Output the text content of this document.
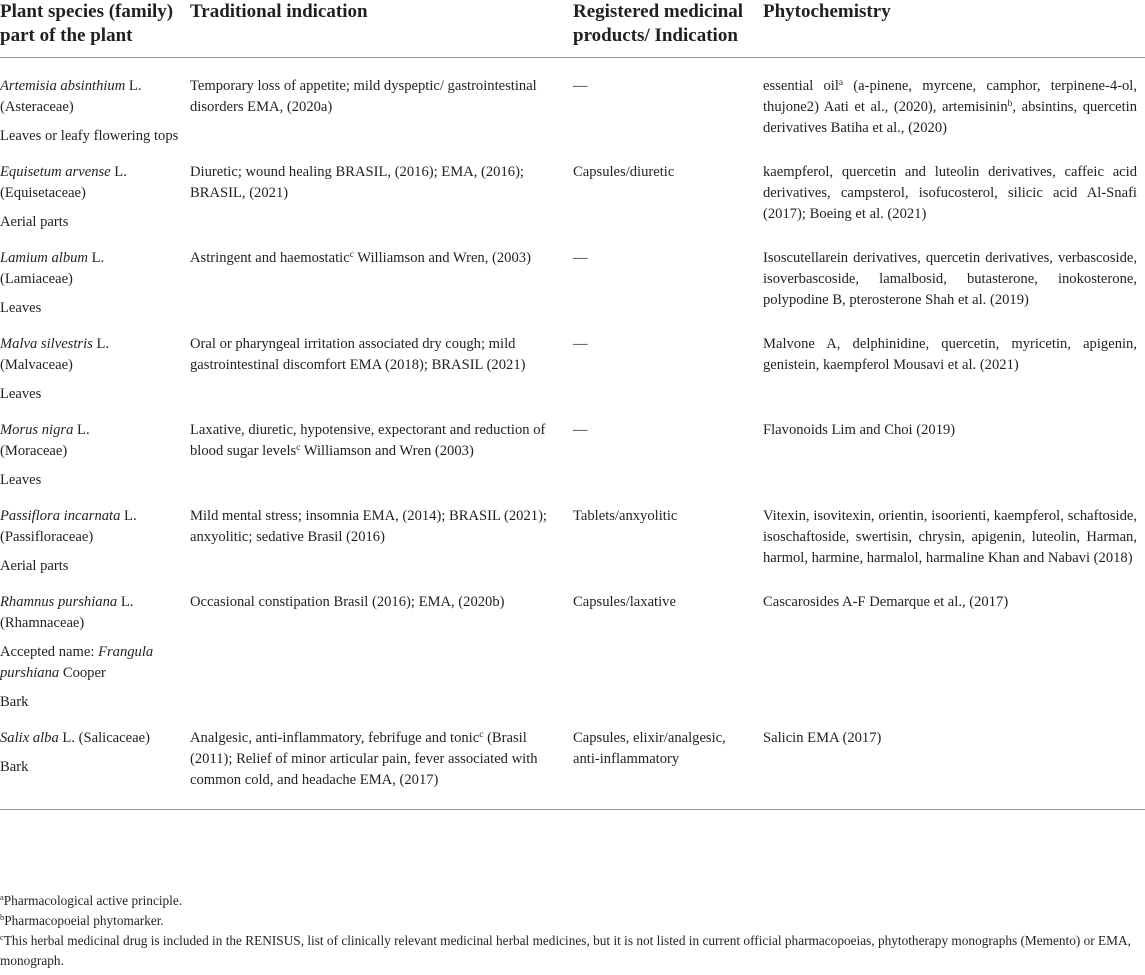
Plant species (family) part of the plant	Traditional indication	Registered medicinal products/ Indication	Phytochemistry

Artemisia absinthium L.
(Asteraceae)
Leaves or leafy flowering tops	Temporary loss of appetite; mild dyspeptic/ gastrointestinal disorders EMA, (2020a)	—	essential oil$^a$ (a-pinene, myrcene, camphor, terpinene-4-ol, thujone2) Aati et al., (2020), artemisinin$^b$, absintins, quercetin derivatives Batiha et al., (2020)

Equisetum arvense L.
(Equisetaceae)
Aerial parts	Diuretic; wound healing BRASIL, (2016); EMA, (2016); BRASIL, (2021)	Capsules/diuretic	kaempferol, quercetin and luteolin derivatives, caffeic acid derivatives, campsterol, isofucosterol, silicic acid Al-Snafi (2017); Boeing et al. (2021)

Lamium album L.
(Lamiaceae)
Leaves	Astringent and haemostatic$^c$ Williamson and Wren, (2003)	—	Isoscutellarein derivatives, quercetin derivatives, verbascoside, isoverbascoside, lamalbosid, butasterone, inokosterone, polypodine B, pterosterone Shah et al. (2019)

Malva silvestris L.
(Malvaceae)
Leaves	Oral or pharyngeal irritation associated dry cough; mild gastrointestinal discomfort EMA (2018); BRASIL (2021)	—	Malvone A, delphinidine, quercetin, myricetin, apigenin, genistein, kaempferol Mousavi et al. (2021)

Morus nigra L.
(Moraceae)
Leaves	Laxative, diuretic, hypotensive, expectorant and reduction of blood sugar levels$^c$ Williamson and Wren (2003)	—	Flavonoids Lim and Choi (2019)

Passiflora incarnata L.
(Passifloraceae)
Aerial parts	Mild mental stress; insomnia EMA, (2014); BRASIL (2021); anxyolitic; sedative Brasil (2016)	Tablets/anxyolitic	Vitexin, isovitexin, orientin, isoorienti, kaempferol, schaftoside, isoschaftoside, swertisin, chrysin, apigenin, luteolin, Harman, harmol, harmine, harmalol, harmaline Khan and Nabavi (2018)

Rhamnus purshiana L.
(Rhamnaceae)
Accepted name: Frangula
purshiana Cooper
Bark	Occasional constipation Brasil (2016); EMA, (2020b)	Capsules/laxative	Cascarosides A-F Demarque et al., (2017)

Salix alba L. (Salicaceae)
Bark	Analgesic, anti-inflammatory, febrifuge and tonic$^c$ (Brasil (2011); Relief of minor articular pain, fever associated with common cold, and headache EMA, (2017)	Capsules, elixir/analgesic, anti-inflammatory	Salicin EMA (2017)
$^a$Pharmacological active principle.
$^b$Pharmacopoeial phytomarker.
$^c$This herbal medicinal drug is included in the RENISUS, list of clinically relevant medicinal herbal medicines, but it is not listed in current official pharmacopoeias, phytotherapy monographs (Memento) or EMA, monograph.
